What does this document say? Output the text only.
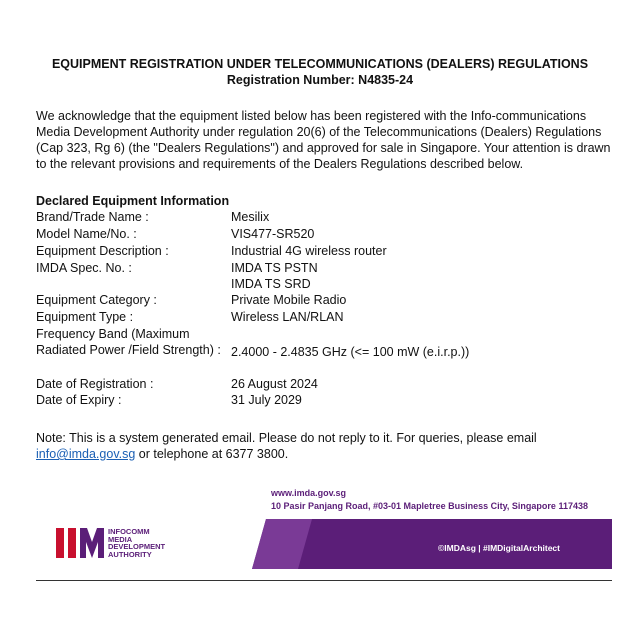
EQUIPMENT REGISTRATION UNDER TELECOMMUNICATIONS (DEALERS) REGULATIONS
Registration Number: N4835-24
We acknowledge that the equipment listed below has been registered with the Info-communications Media Development Authority under regulation 20(6) of the Telecommunications (Dealers) Regulations (Cap 323, Rg 6) (the "Dealers Regulations") and approved for sale in Singapore. Your attention is drawn to the relevant provisions and requirements of the Dealers Regulations described below.
Declared Equipment Information
Brand/Trade Name :	Mesilix
Model Name/No. :	VIS477-SR520
Equipment Description :	Industrial 4G wireless router
IMDA Spec. No. :	IMDA TS PSTN
IMDA TS SRD
Equipment Category :	Private Mobile Radio
Equipment Type :	Wireless LAN/RLAN
Frequency Band (Maximum
Radiated Power /Field Strength) : 2.4000 - 2.4835 GHz (<= 100 mW (e.i.r.p.))
Date of Registration :	26 August 2024
Date of Expiry :	31 July 2029
Note: This is a system generated email. Please do not reply to it. For queries, please email
info@imda.gov.sg or telephone at 6377 3800.
www.imda.gov.sg
10 Pasir Panjang Road, #03-01 Mapletree Business City, Singapore 117438
INFOCOMM
MEDIA
DEVELOPMENT
AUTHORITY
©IMDAsg | #IMDigitalArchitect
